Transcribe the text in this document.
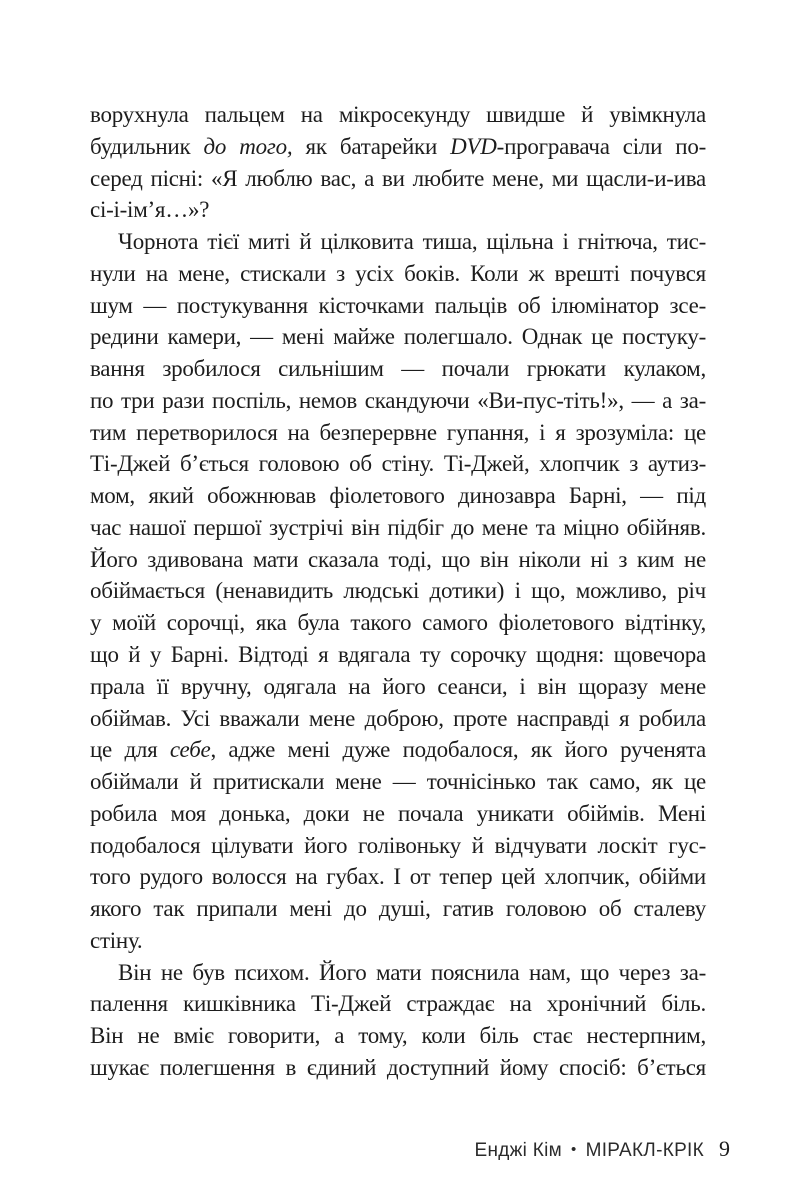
ворухнула пальцем на мікросекунду швидше й увімкнула
будильник до того, як батарейки DVD-програвача сіли по-
серед пісні: «Я люблю вас, а ви любите мене, ми щасли-и-ива
сі-і-ім’я…»?
Чорнота тієї миті й цілковита тиша, щільна і гнітюча, тис-
нули на мене, стискали з усіх боків. Коли ж врешті почувся
шум — постукування кісточками пальців об ілюмінатор зсе-
редини камери, — мені майже полегшало. Однак це постуку-
вання зробилося сильнішим — почали грюкати кулаком,
по три рази поспіль, немов скандуючи «Ви-пус-тіть!», — а за-
тим перетворилося на безперервне гупання, і я зрозуміла: це
Ті-Джей б’ється головою об стіну. Ті-Джей, хлопчик з аутиз-
мом, який обожнював фіолетового динозавра Барні, — під
час нашої першої зустрічі він підбіг до мене та міцно обійняв.
Його здивована мати сказала тоді, що він ніколи ні з ким не
обіймається (ненавидить людські дотики) і що, можливо, річ
у моїй сорочці, яка була такого самого фіолетового відтінку,
що й у Барні. Відтоді я вдягала ту сорочку щодня: щовечора
прала її вручну, одягала на його сеанси, і він щоразу мене
обіймав. Усі вважали мене доброю, проте насправді я робила
це для себе, адже мені дуже подобалося, як його рученята
обіймали й притискали мене — точнісінько так само, як це
робила моя донька, доки не почала уникати обіймів. Мені
подобалося цілувати його голівоньку й відчувати лоскіт гус-
того рудого волосся на губах. І от тепер цей хлопчик, обійми
якого так припали мені до душі, гатив головою об сталеву
стіну.
Він не був психом. Його мати пояснила нам, що через за-
палення кишківника Ті-Джей страждає на хронічний біль.
Він не вміє говорити, а тому, коли біль стає нестерпним,
шукає полегшення в єдиний доступний йому спосіб: б’ється
Енджі Кім • МІРАКЛ-КРІК 9
